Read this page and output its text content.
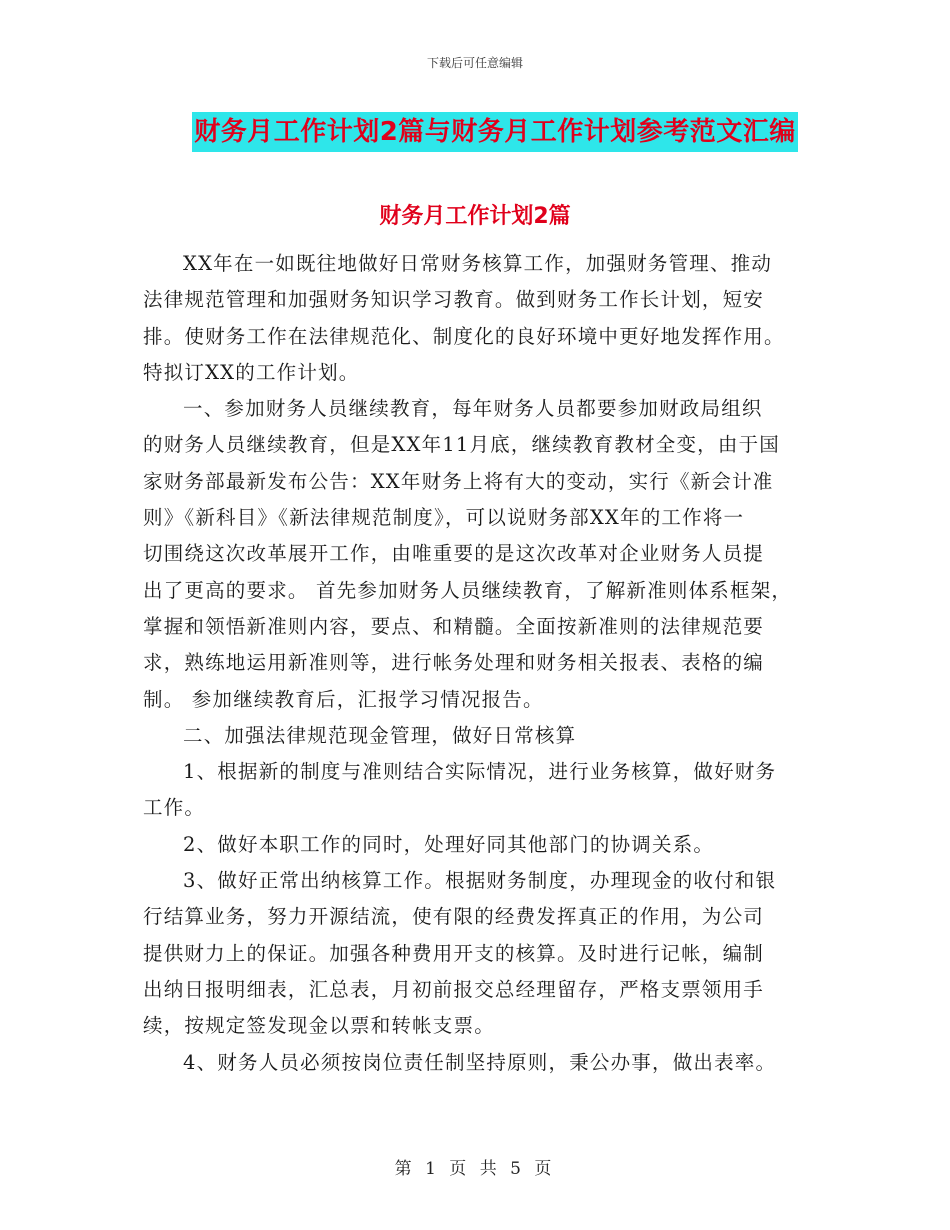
下载后可任意编辑
财务月工作计划2篇与财务月工作计划参考范文汇编
财务月工作计划2篇
XX年在一如既往地做好日常财务核算工作，加强财务管理、推动
法律规范管理和加强财务知识学习教育。做到财务工作长计划，短安
排。使财务工作在法律规范化、制度化的良好环境中更好地发挥作用。
特拟订XX的工作计划。
一、参加财务人员继续教育，每年财务人员都要参加财政局组织
的财务人员继续教育，但是XX年11月底，继续教育教材全变，由于国
家财务部最新发布公告：XX年财务上将有大的变动，实行《新会计准
则》《新科目》《新法律规范制度》，可以说财务部XX年的工作将一
切围绕这次改革展开工作，由唯重要的是这次改革对企业财务人员提
出了更高的要求。 首先参加财务人员继续教育，了解新准则体系框架，
掌握和领悟新准则内容，要点、和精髓。全面按新准则的法律规范要
求，熟练地运用新准则等，进行帐务处理和财务相关报表、表格的编
制。 参加继续教育后，汇报学习情况报告。
二、加强法律规范现金管理，做好日常核算
1、根据新的制度与准则结合实际情况，进行业务核算，做好财务
工作。
2、做好本职工作的同时，处理好同其他部门的协调关系。
3、做好正常出纳核算工作。根据财务制度，办理现金的收付和银
行结算业务，努力开源结流，使有限的经费发挥真正的作用，为公司
提供财力上的保证。加强各种费用开支的核算。及时进行记帐，编制
出纳日报明细表，汇总表，月初前报交总经理留存，严格支票领用手
续，按规定签发现金以票和转帐支票。
4、财务人员必须按岗位责任制坚持原则，秉公办事，做出表率。
第 1 页 共 5 页
